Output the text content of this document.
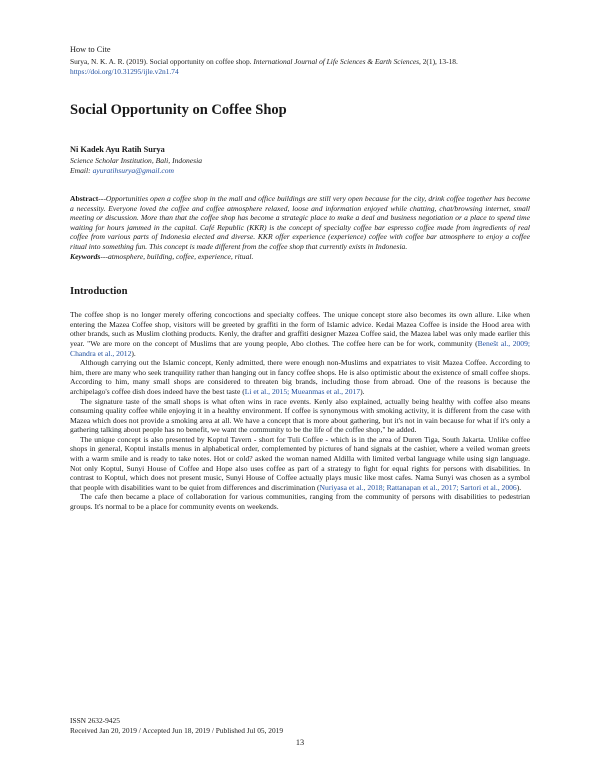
How to Cite

Surya, N. K. A. R. (2019). Social opportunity on coffee shop. International Journal of Life Sciences & Earth Sciences, 2(1), 13-18. https://doi.org/10.31295/ijle.v2n1.74

Social Opportunity on Coffee Shop

Ni Kadek Ayu Ratih Surya

Science Scholar Institution, Bali, Indonesia

Email: ayuratihsurya@gmail.com

Abstract---Opportunities open a coffee shop in the mall and office buildings are still very open because for the city, drink coffee together has become a necessity. Everyone loved the coffee and coffee atmosphere relaxed, loose and information enjoyed while chatting, chat/browsing internet, small meeting or discussion. More than that the coffee shop has become a strategic place to make a deal and business negotiation or a place to spend time waiting for hours jammed in the capital. Café Republic (KKR) is the concept of specialty coffee bar espresso coffee made from ingredients of real coffee from various parts of Indonesia elected and diverse. KKR offer experience (experience) coffee with coffee bar atmosphere to enjoy a coffee ritual into something fun. This concept is made different from the coffee shop that currently exists in Indonesia.

Keywords---atmosphere, building, coffee, experience, ritual.

Introduction

The coffee shop is no longer merely offering concoctions and specialty coffees. The unique concept store also becomes its own allure. Like when entering the Mazea Coffee shop, visitors will be greeted by graffiti in the form of Islamic advice. Kedai Mazea Coffee is inside the Hood area with other brands, such as Muslim clothing products. Kenly, the drafter and graffiti designer Mazea Coffee said, the Mazea label was only made earlier this year. "We are more on the concept of Muslims that are young people, Abo clothes. The coffee here can be for work, community (Benešt al., 2009; Chandra et al., 2012).

Although carrying out the Islamic concept, Kenly admitted, there were enough non-Muslims and expatriates to visit Mazea Coffee. According to him, there are many who seek tranquility rather than hanging out in fancy coffee shops. He is also optimistic about the existence of small coffee shops. According to him, many small shops are considered to threaten big brands, including those from abroad. One of the reasons is because the archipelago's coffee dish does indeed have the best taste (Li et al., 2015; Mueanmas et al., 2017).

The signature taste of the small shops is what often wins in race events. Kenly also explained, actually being healthy with coffee also means consuming quality coffee while enjoying it in a healthy environment. If coffee is synonymous with smoking activity, it is different from the case with Mazea which does not provide a smoking area at all. We have a concept that is more about gathering, but it's not in vain because for what if it's only a gathering talking about people has no benefit, we want the community to be the life of the coffee shop," he added.

The unique concept is also presented by Koptul Tavern - short for Tuli Coffee - which is in the area of Duren Tiga, South Jakarta. Unlike coffee shops in general, Koptul installs menus in alphabetical order, complemented by pictures of hand signals at the cashier, where a veiled woman greets with a warm smile and is ready to take notes. Hot or cold? asked the woman named Aldilla with limited verbal language while using sign language. Not only Koptul, Sunyi House of Coffee and Hope also uses coffee as part of a strategy to fight for equal rights for persons with disabilities. In contrast to Koptul, which does not present music, Sunyi House of Coffee actually plays music like most cafes. Nama Sunyi was chosen as a symbol that people with disabilities want to be quiet from differences and discrimination (Nuriyasa et al., 2018; Rattanapan et al., 2017; Sartori et al., 2006).

The cafe then became a place of collaboration for various communities, ranging from the community of persons with disabilities to pedestrian groups. It's normal to be a place for community events on weekends.

ISSN 2632-9425
Received Jan 20, 2019 / Accepted Jun 18, 2019 / Published Jul 05, 2019
13
